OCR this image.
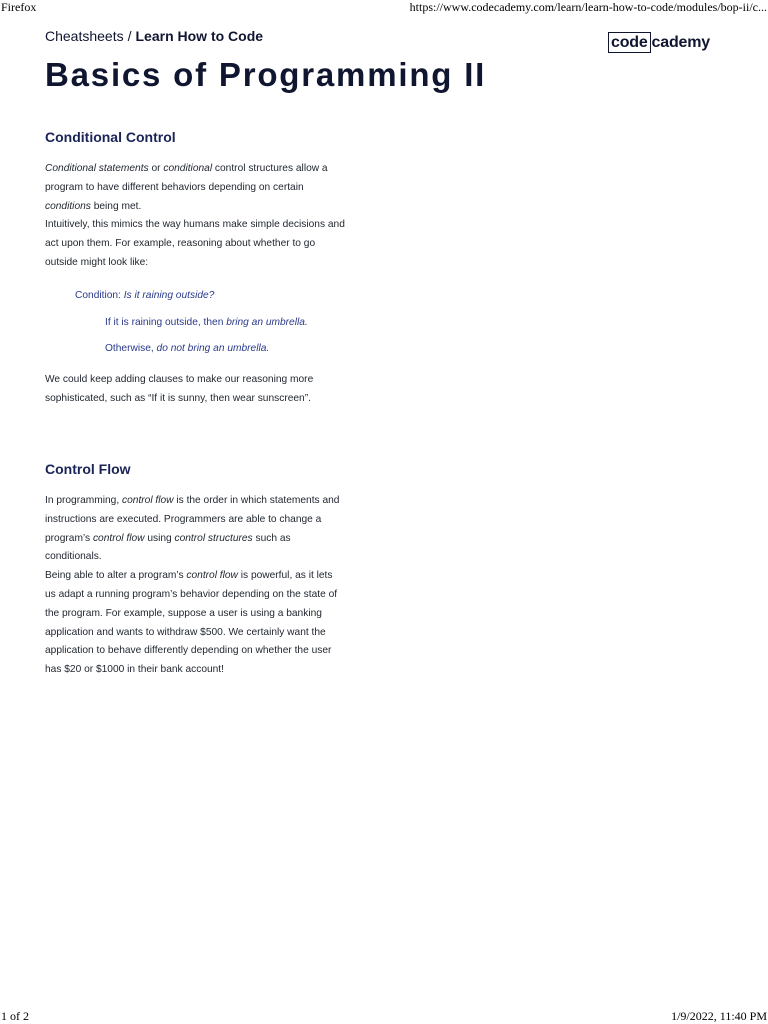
Firefox	https://www.codecademy.com/learn/learn-how-to-code/modules/bop-ii/c...
Cheatsheets / Learn How to Code	code cademy
Basics of Programming II
Conditional Control

Conditional statements or conditional control structures allow a program to have different behaviors depending on certain conditions being met.

Intuitively, this mimics the way humans make simple decisions and act upon them. For example, reasoning about whether to go outside might look like:

Condition: Is it raining outside?
If it is raining outside, then bring an umbrella.
Otherwise, do not bring an umbrella.

We could keep adding clauses to make our reasoning more sophisticated, such as “If it is sunny, then wear sunscreen”.

Control Flow

In programming, control flow is the order in which statements and instructions are executed. Programmers are able to change a program’s control flow using control structures such as conditionals.

Being able to alter a program’s control flow is powerful, as it lets us adapt a running program’s behavior depending on the state of the program. For example, suppose a user is using a banking application and wants to withdraw $500. We certainly want the application to behave differently depending on whether the user has $20 or $1000 in their bank account!

1 of 2	1/9/2022, 11:40 PM
